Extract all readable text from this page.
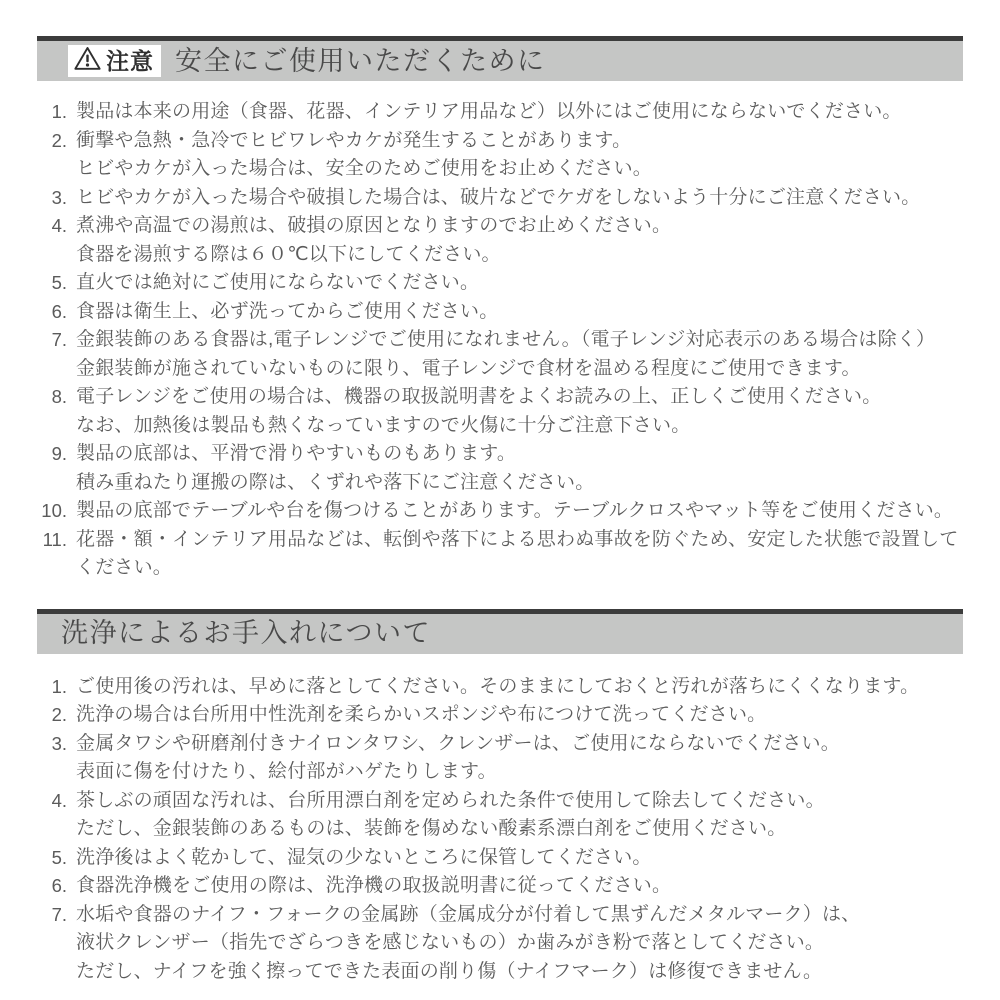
注意 安全にご使用いただくために
1. 製品は本来の用途（食器、花器、インテリア用品など）以外にはご使用にならないでください。
2. 衝撃や急熱・急冷でヒビワレやカケが発生することがあります。
ヒビやカケが入った場合は、安全のためご使用をお止めください。
3. ヒビやカケが入った場合や破損した場合は、破片などでケガをしないよう十分にご注意ください。
4. 煮沸や高温での湯煎は、破損の原因となりますのでお止めください。
食器を湯煎する際は６０℃以下にしてください。
5. 直火では絶対にご使用にならないでください。
6. 食器は衛生上、必ず洗ってからご使用ください。
7. 金銀装飾のある食器は,電子レンジでご使用になれません。（電子レンジ対応表示のある場合は除く）
金銀装飾が施されていないものに限り、電子レンジで食材を温める程度にご使用できます。
8. 電子レンジをご使用の場合は、機器の取扱説明書をよくお読みの上、正しくご使用ください。
なお、加熱後は製品も熱くなっていますので火傷に十分ご注意下さい。
9. 製品の底部は、平滑で滑りやすいものもあります。
積み重ねたり運搬の際は、くずれや落下にご注意ください。
10. 製品の底部でテーブルや台を傷つけることがあります。テーブルクロスやマット等をご使用ください。
11. 花器・額・インテリア用品などは、転倒や落下による思わぬ事故を防ぐため、安定した状態で設置して
ください。
洗浄によるお手入れについて
1. ご使用後の汚れは、早めに落としてください。そのままにしておくと汚れが落ちにくくなります。
2. 洗浄の場合は台所用中性洗剤を柔らかいスポンジや布につけて洗ってください。
3. 金属タワシや研磨剤付きナイロンタワシ、クレンザーは、ご使用にならないでください。
表面に傷を付けたり、絵付部がハゲたりします。
4. 茶しぶの頑固な汚れは、台所用漂白剤を定められた条件で使用して除去してください。
ただし、金銀装飾のあるものは、装飾を傷めない酸素系漂白剤をご使用ください。
5. 洗浄後はよく乾かして、湿気の少ないところに保管してください。
6. 食器洗浄機をご使用の際は、洗浄機の取扱説明書に従ってください。
7. 水垢や食器のナイフ・フォークの金属跡（金属成分が付着して黒ずんだメタルマーク）は、
液状クレンザー（指先でざらつきを感じないもの）か歯みがき粉で落としてください。
ただし、ナイフを強く擦ってできた表面の削り傷（ナイフマーク）は修復できません。
